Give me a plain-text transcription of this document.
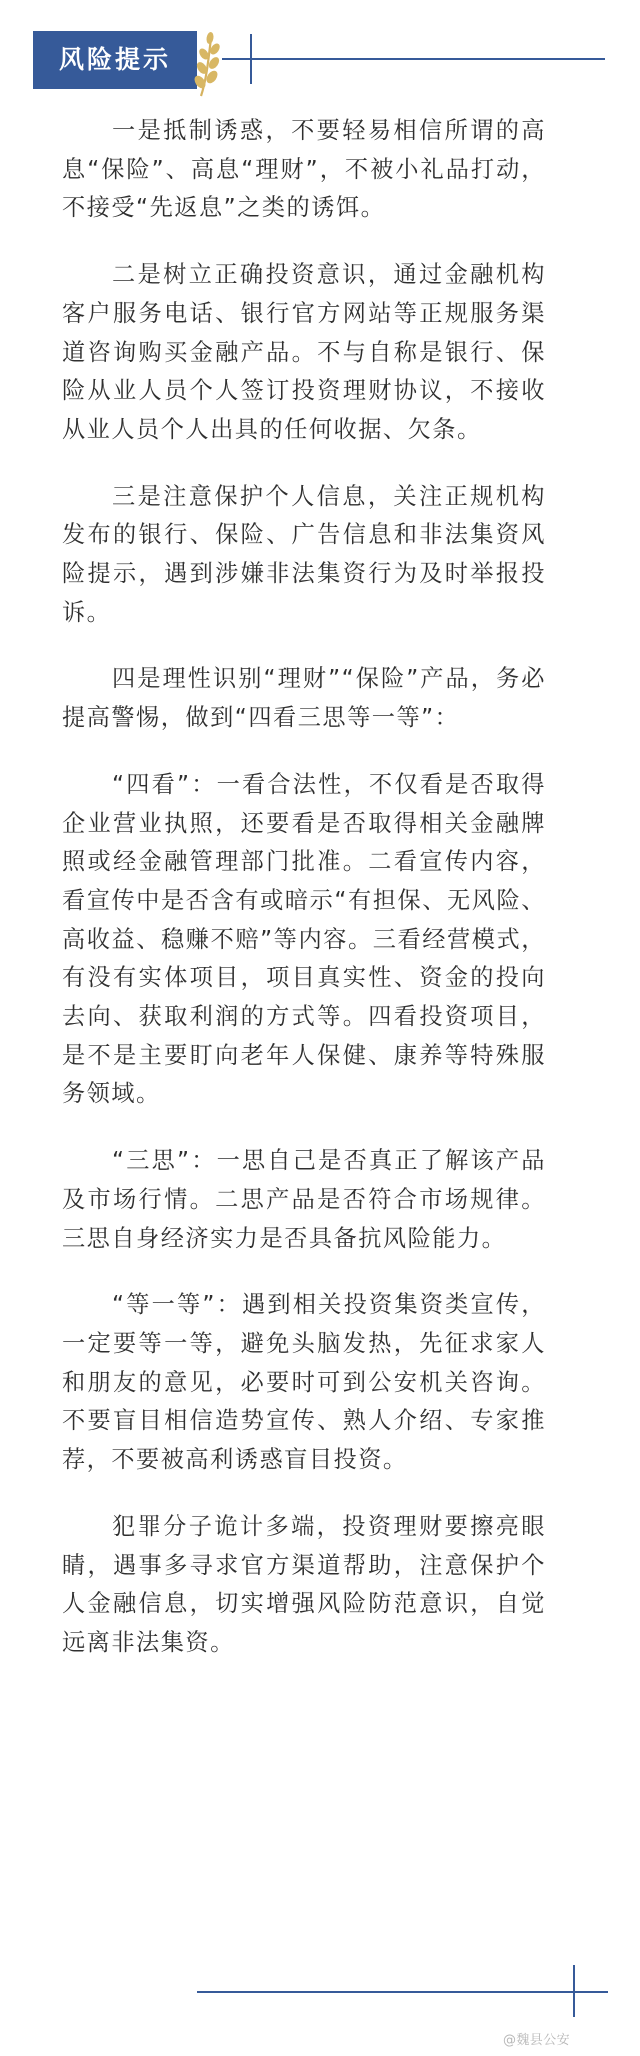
风险提示

一是抵制诱惑，不要轻易相信所谓的高息“保险”、高息“理财”，不被小礼品打动，不接受“先返息”之类的诱饵。

二是树立正确投资意识，通过金融机构客户服务电话、银行官方网站等正规服务渠道咨询购买金融产品。不与自称是银行、保险从业人员个人签订投资理财协议，不接收从业人员个人出具的任何收据、欠条。

三是注意保护个人信息，关注正规机构发布的银行、保险、广告信息和非法集资风险提示，遇到涉嫌非法集资行为及时举报投诉。

四是理性识别“理财”“保险”产品，务必提高警惕，做到“四看三思等一等”：

“四看”：一看合法性，不仅看是否取得企业营业执照，还要看是否取得相关金融牌照或经金融管理部门批准。二看宣传内容，看宣传中是否含有或暗示“有担保、无风险、高收益、稳赚不赔”等内容。三看经营模式，有没有实体项目，项目真实性、资金的投向去向、获取利润的方式等。四看投资项目，是不是主要盯向老年人保健、康养等特殊服务领域。

“三思”：一思自己是否真正了解该产品及市场行情。二思产品是否符合市场规律。三思自身经济实力是否具备抗风险能力。

“等一等”：遇到相关投资集资类宣传，一定要等一等，避免头脑发热，先征求家人和朋友的意见，必要时可到公安机关咨询。不要盲目相信造势宣传、熟人介绍、专家推荐，不要被高利诱惑盲目投资。

犯罪分子诡计多端，投资理财要擦亮眼睛，遇事多寻求官方渠道帮助，注意保护个人金融信息，切实增强风险防范意识，自觉远离非法集资。

@魏县公安
